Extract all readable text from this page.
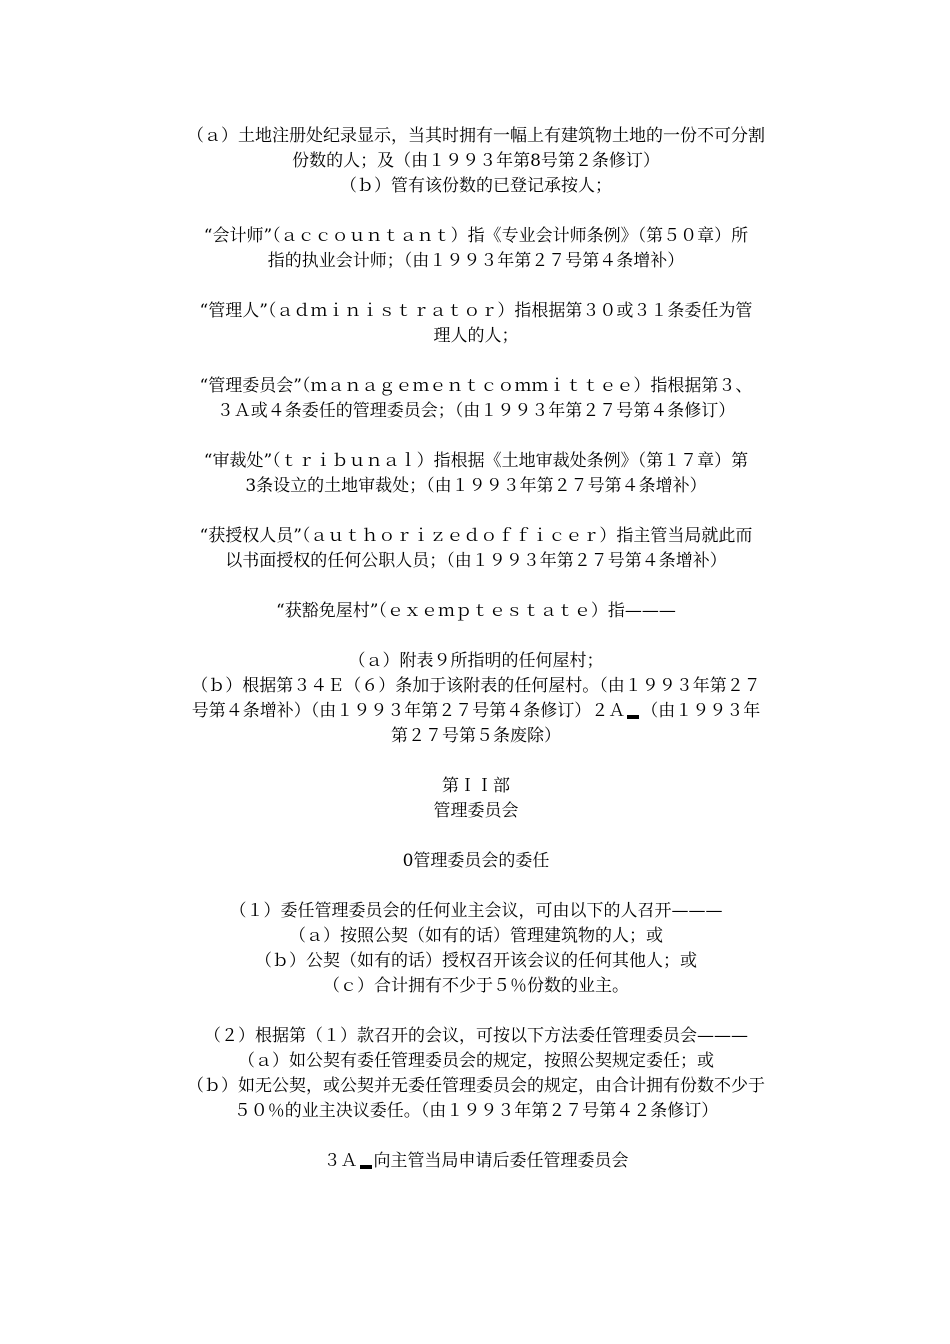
（ａ）土地注册处纪录显示，当其时拥有一幅上有建筑物土地的一份不可分割
份数的人；及（由１９９３年第8号第２条修订）
（ｂ）管有该份数的已登记承按人；
“会计师”（ａｃｃｏｕｎｔａｎｔ）指《专业会计师条例》（第５０章）所
指的执业会计师；（由１９９３年第２７号第４条增补）
“管理人”（ａｄｍｉｎｉｓｔｒａｔｏｒ）指根据第３０或３１条委任为管
理人的人；
“管理委员会”（ｍａｎａｇｅｍｅｎｔｃｏｍｍｉｔｔｅｅ）指根据第３、
３Ａ或４条委任的管理委员会；（由１９９３年第２７号第４条修订）
“审裁处”（ｔｒｉｂｕｎａｌ）指根据《土地审裁处条例》（第１７章）第
3条设立的土地审裁处；（由１９９３年第２７号第４条增补）
“获授权人员”（ａｕｔｈｏｒｉｚｅｄｏｆｆｉｃｅｒ）指主管当局就此而
以书面授权的任何公职人员；（由１９９３年第２７号第４条增补）
“获豁免屋村”（ｅｘｅｍｐｔｅｓｔａｔｅ）指———
（ａ）附表９所指明的任何屋村；
（ｂ）根据第３４Ｅ（６）条加于该附表的任何屋村。（由１９９３年第２７
号第４条增补）（由１９９３年第２７号第４条修订）２Ａ （由１９９３年
第２７号第５条废除）
第ＩＩ部
管理委员会
0管理委员会的委任
（１）委任管理委员会的任何业主会议，可由以下的人召开———
（ａ）按照公契（如有的话）管理建筑物的人；或
（ｂ）公契（如有的话）授权召开该会议的任何其他人；或
（ｃ）合计拥有不少于５％份数的业主。
（２）根据第（１）款召开的会议，可按以下方法委任管理委员会———
（ａ）如公契有委任管理委员会的规定，按照公契规定委任；或
（ｂ）如无公契，或公契并无委任管理委员会的规定，由合计拥有份数不少于
５０％的业主决议委任。（由１９９３年第２７号第４２条修订）
３Ａ 向主管当局申请后委任管理委员会
